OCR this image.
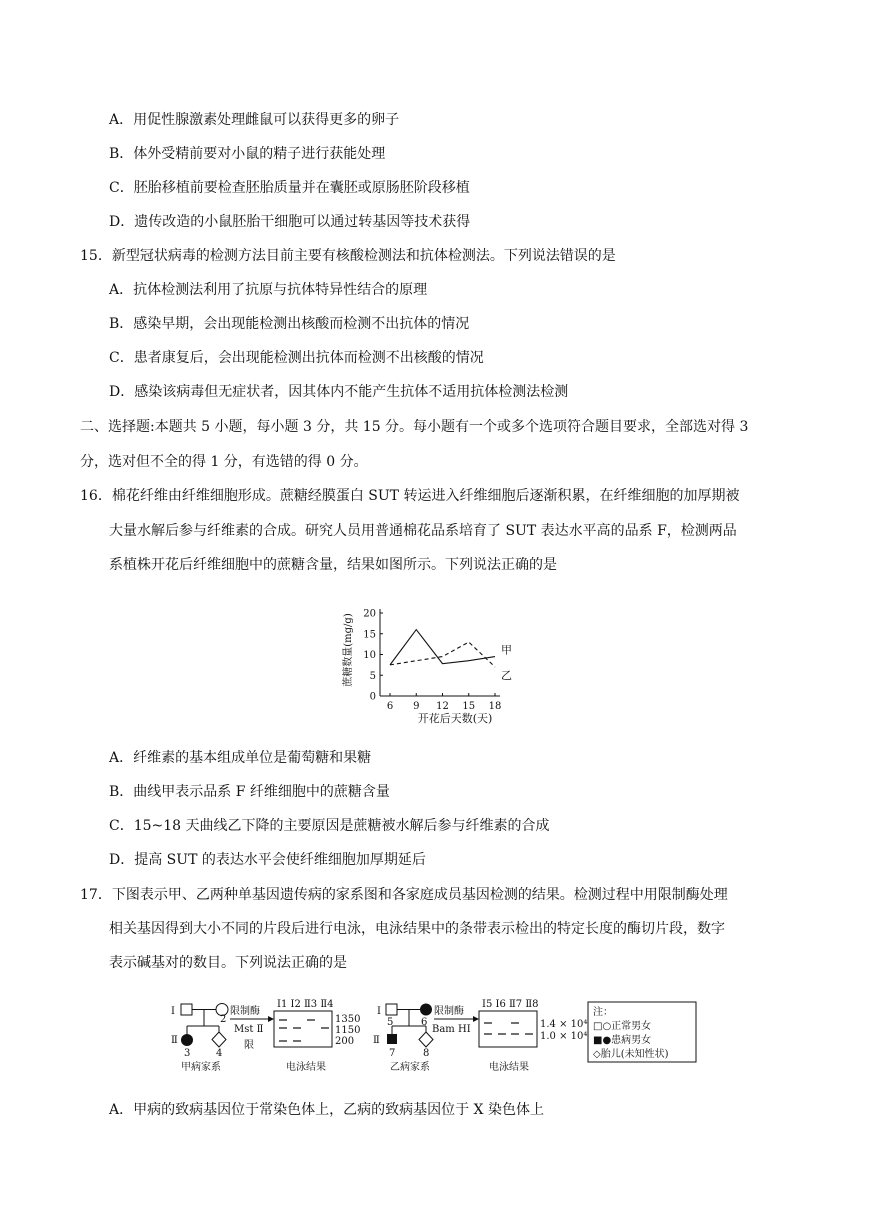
A．用促性腺激素处理雌鼠可以获得更多的卵子
B．体外受精前要对小鼠的精子进行获能处理
C．胚胎移植前要检查胚胎质量并在囊胚或原肠胚阶段移植
D．遗传改造的小鼠胚胎干细胞可以通过转基因等技术获得
15．新型冠状病毒的检测方法目前主要有核酸检测法和抗体检测法。下列说法错误的是
A．抗体检测法利用了抗原与抗体特异性结合的原理
B．感染早期，会出现能检测出核酸而检测不出抗体的情况
C．患者康复后，会出现能检测出抗体而检测不出核酸的情况
D．感染该病毒但无症状者，因其体内不能产生抗体不适用抗体检测法检测
二、选择题:本题共 5 小题，每小题 3 分，共 15 分。每小题有一个或多个选项符合题目要求，全部选对得 3
分，选对但不全的得 1 分，有选错的得 0 分。
16．棉花纤维由纤维细胞形成。蔗糖经膜蛋白 SUT 转运进入纤维细胞后逐渐积累，在纤维细胞的加厚期被
大量水解后参与纤维素的合成。研究人员用普通棉花品系培育了 SUT 表达水平高的品系 F，检测两品
系植株开花后纤维细胞中的蔗糖含量，结果如图所示。下列说法正确的是
甲
乙
6 9 12 15 18
0
5
10
15
20
蔗糖数量(mg/g)
开花后天数(天)
A．纤维素的基本组成单位是葡萄糖和果糖
B．曲线甲表示品系 F 纤维细胞中的蔗糖含量
C．15~18 天曲线乙下降的主要原因是蔗糖被水解后参与纤维素的合成
D．提高 SUT 的表达水平会使纤维细胞加厚期延后
17．下图表示甲、乙两种单基因遗传病的家系图和各家庭成员基因检测的结果。检测过程中用限制酶处理
相关基因得到大小不同的片段后进行电泳，电泳结果中的条带表示检出的特定长度的酶切片段，数字
表示碱基对的数目。下列说法正确的是
Ⅰ
Ⅱ
2
3	4
限制酶
Mst Ⅱ
限
Ⅰ1 Ⅰ2 Ⅱ3 Ⅱ4
1350
1150
200
甲病家系	电泳结果
Ⅰ
Ⅱ
5	6
7	8
限制酶
Bam HⅠ
Ⅰ5 Ⅰ6 Ⅱ7 Ⅱ8
1.4 × 10⁴
1.0 × 10⁴
乙病家系	电泳结果
注：
□○正常男女
■●患病男女
◇胎儿(未知性状)
A．甲病的致病基因位于常染色体上，乙病的致病基因位于 X 染色体上
